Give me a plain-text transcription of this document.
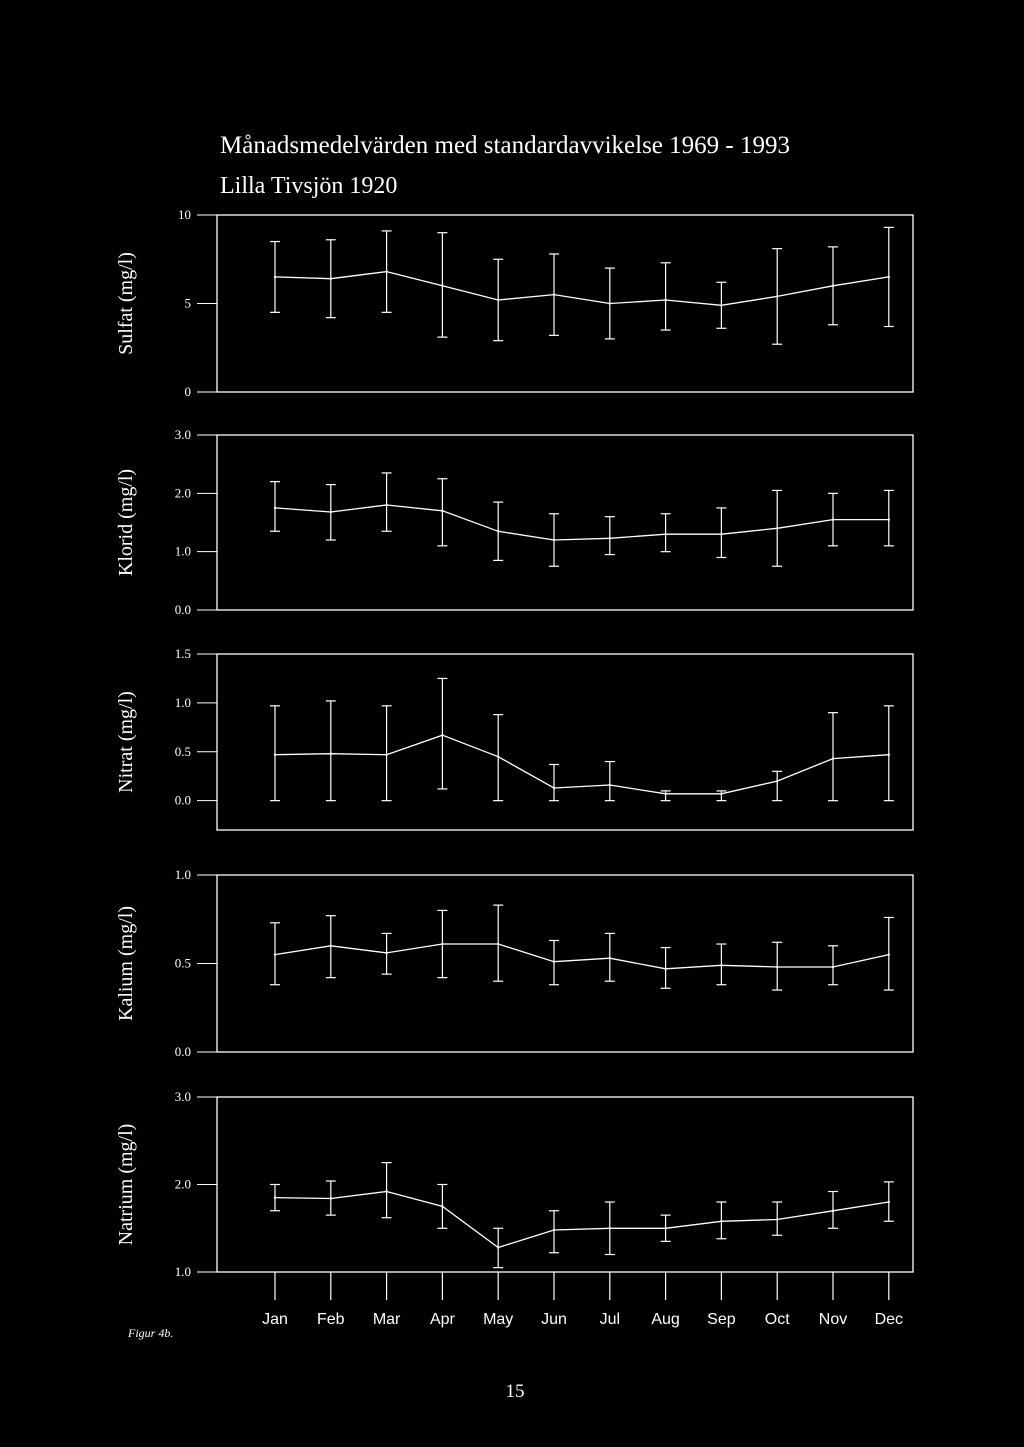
Månadsmedelvärden med standardavvikelse 1969 - 1993
Lilla Tivsjön 1920
0
5
10
Sulfat (mg/l)
0.0
1.0
2.0
3.0
Klorid (mg/l)
0.0
0.5
1.0
1.5
Nitrat (mg/l)
0.0
0.5
1.0
Kalium (mg/l)
1.0
2.0
3.0
Natrium (mg/l)
Jan Feb Mar Apr May Jun Jul Aug Sep Oct Nov Dec
Figur 4b.
15
